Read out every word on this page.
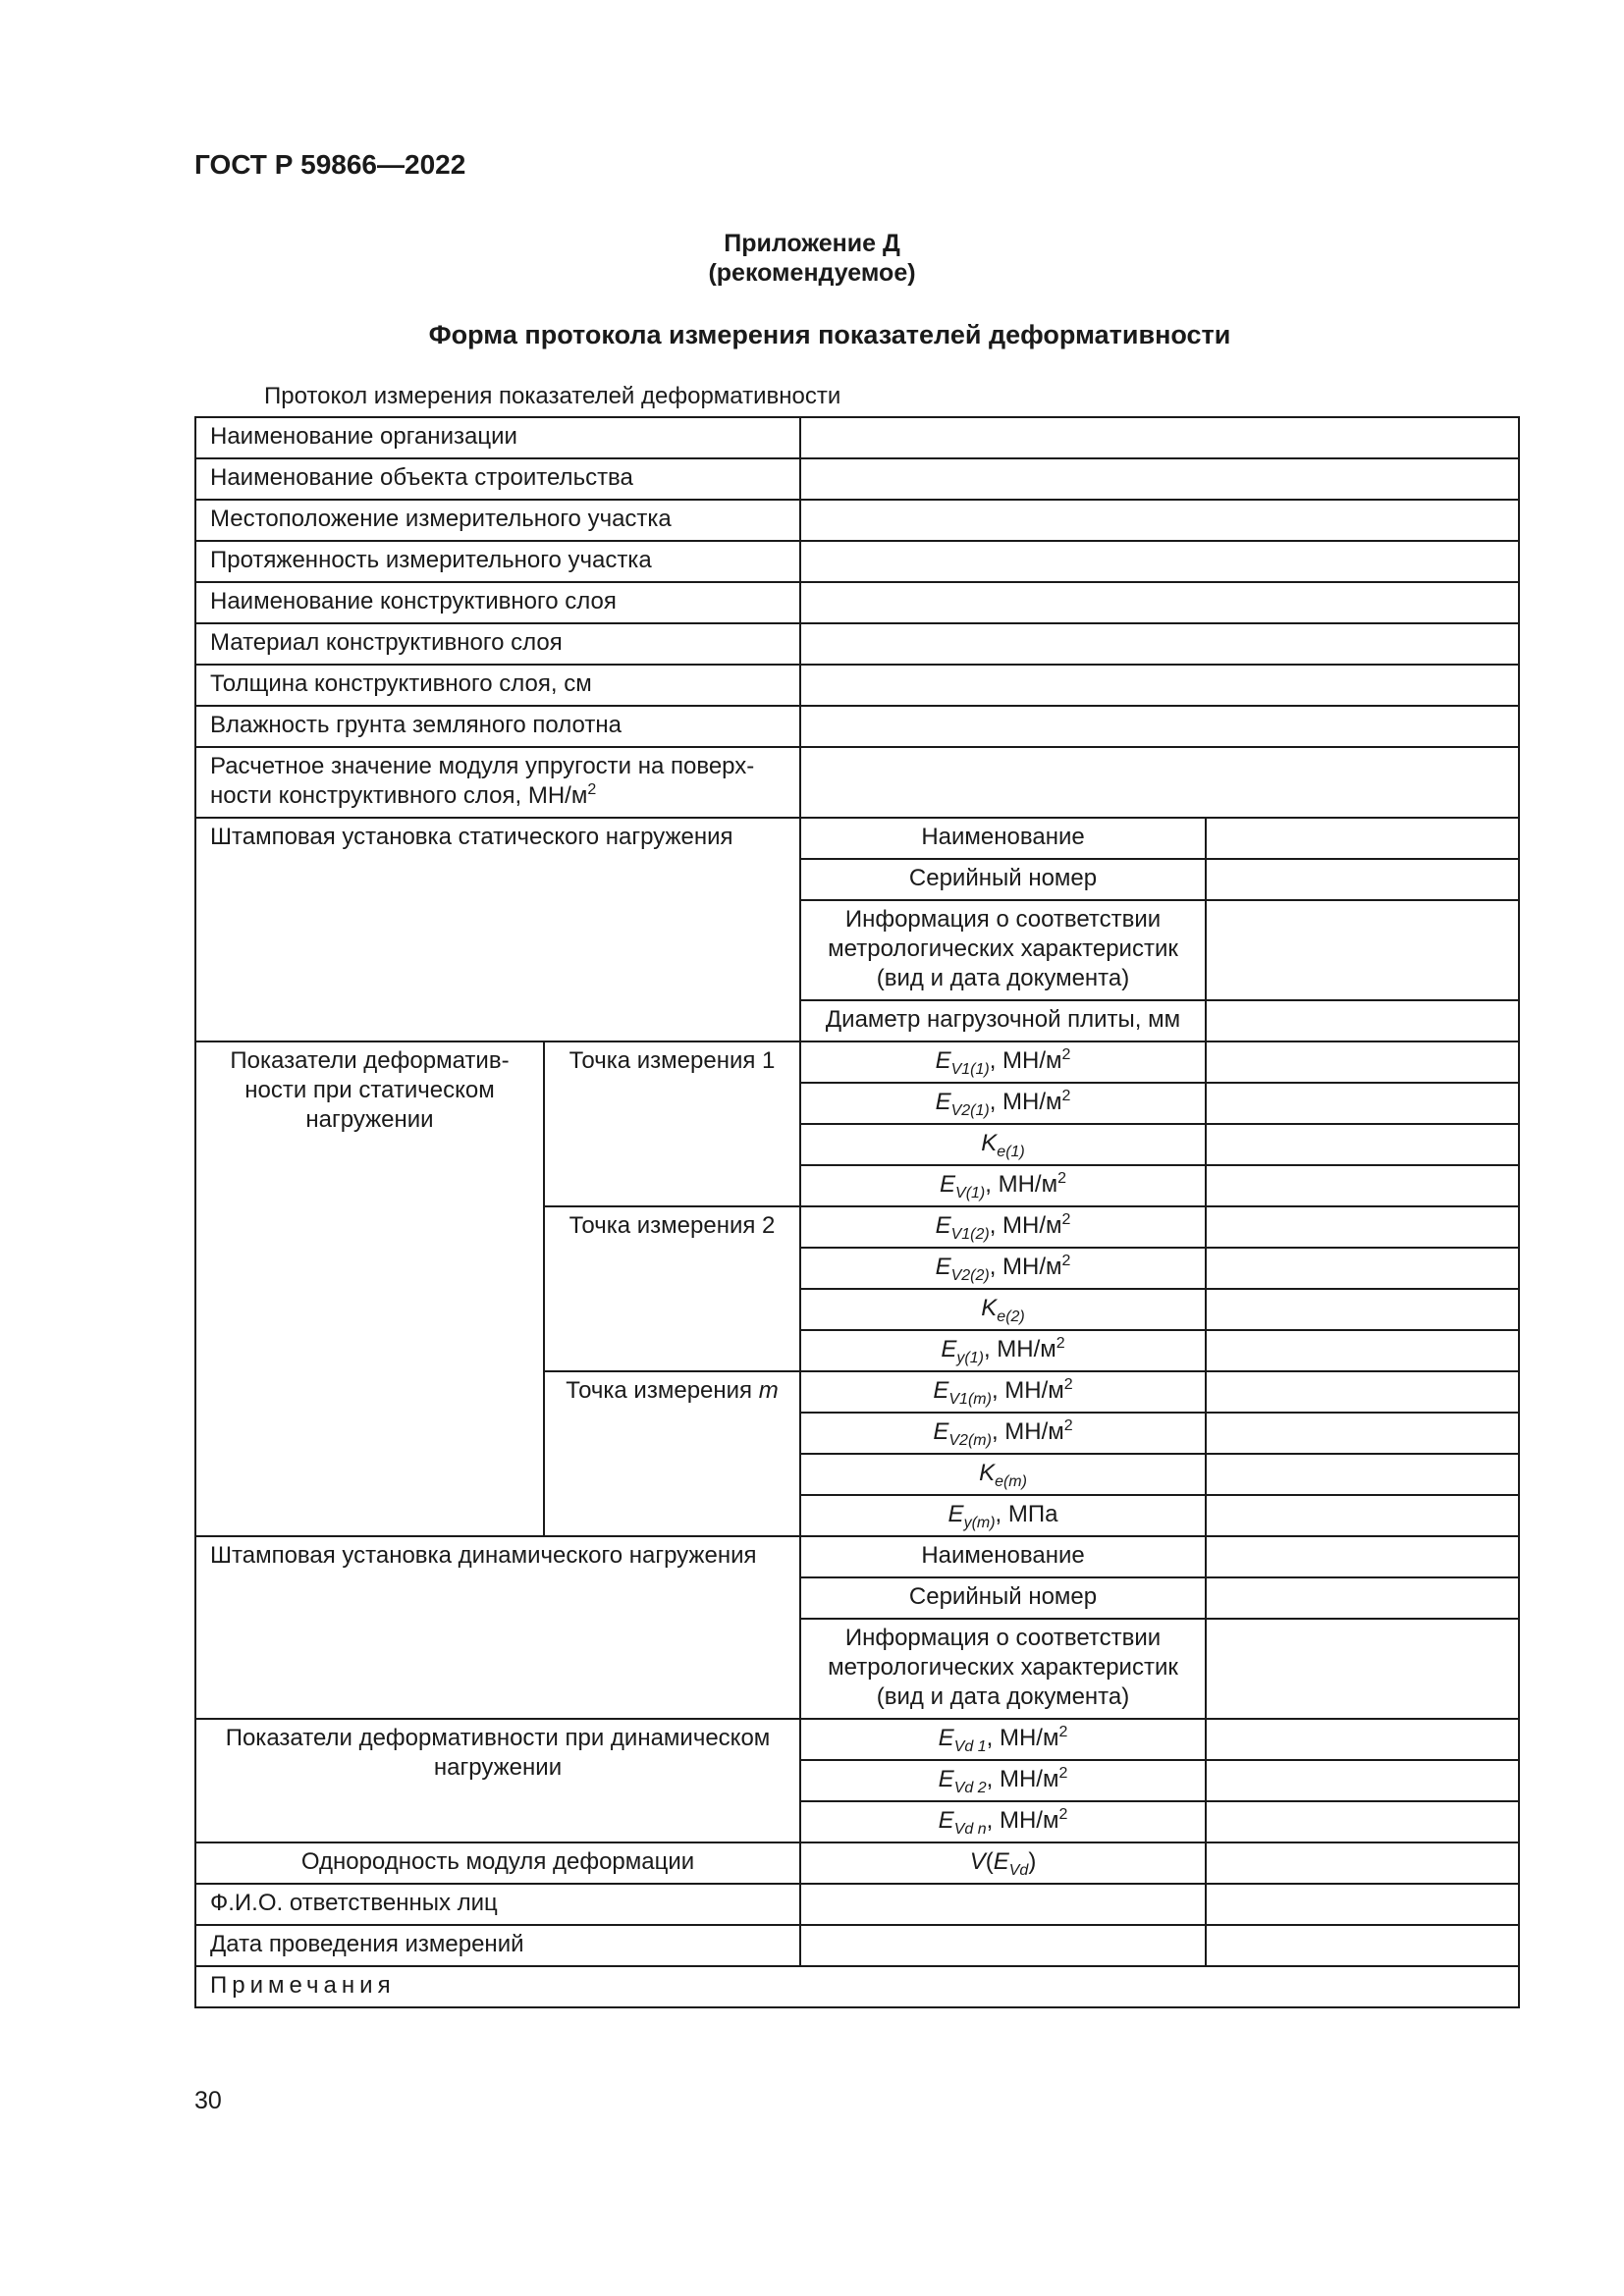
ГОСТ Р 59866—2022
Приложение Д
(рекомендуемое)
Форма протокола измерения показателей деформативности
Протокол измерения показателей деформативности
Наименование организации			
Наименование объекта строительства			
Местоположение измерительного участка			
Протяженность измерительного участка			
Наименование конструктивного слоя			
Материал конструктивного слоя			
Толщина конструктивного слоя, см			
Влажность грунта земляного полотна			
Расчетное значение модуля упругости на поверх-ности конструктивного слоя, $МН/м^2$	
Штамповая установка статического нагружения		Наименование	
		Серийный номер	
		Информация о соответствии метрологических характеристик (вид и дата документа)	
		Диаметр нагрузочной плиты, мм	
Показатели деформатив-ности при статическом нагружении	Точка измерения 1	$E_{V1(1)}$, $МН/м^2$	
		$E_{V2(1)}$, $МН/м^2$	
		$K_{e(1)}$	
		$E_{V(1)}$, $МН/м^2$	
	Точка измерения 2	$E_{V1(2)}$, $МН/м^2$	
		$E_{V2(2)}$, $МН/м^2$	
		$K_{e(2)}$	
		$E_{y(1)}$, $МН/м^2$	
	Точка измерения m	$E_{V1(m)}$, $МН/м^2$	
		$E_{V2(m)}$, $МН/м^2$	
		$K_{e(m)}$	
		$E_{y(m)}$, МПа	
Штамповая установка динамического нагружения		Наименование	
		Серийный номер	
		Информация о соответствии метрологических характеристик (вид и дата документа)	
Показатели деформативности при динамическом нагружении		$E_{Vd 1}$, $МН/м^2$	
		$E_{Vd 2}$, $МН/м^2$	
		$E_{Vd n}$, $МН/м^2$	
Однородность модуля деформации		$V(E_{Vd})$	
Ф.И.О. ответственных лиц			
Дата проведения измерений			
Примечания			
30
